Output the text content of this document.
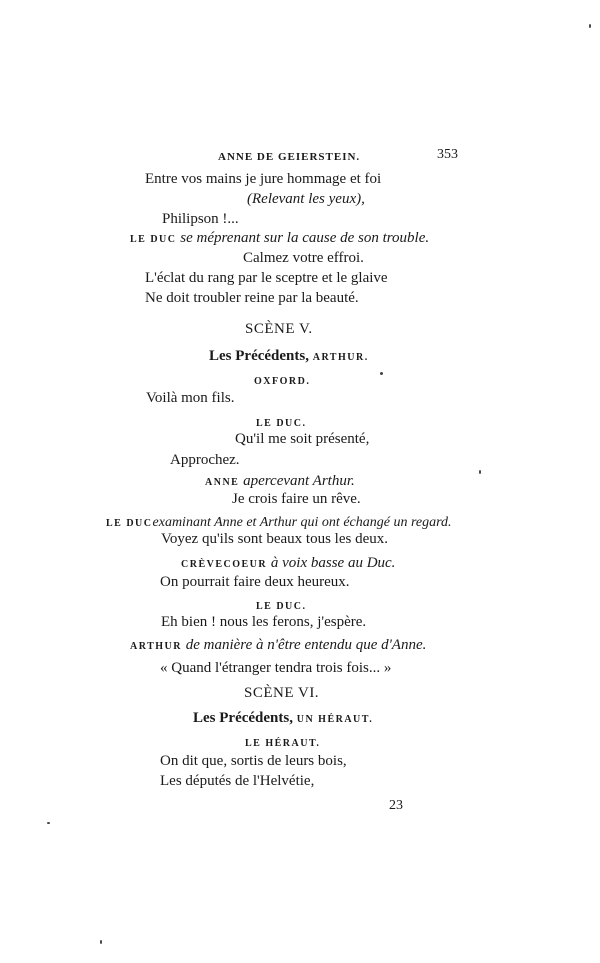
ANNE DE GEIERSTEIN.	353
Entre vos mains je jure hommage et foi
(Relevant les yeux),
Philipson !...
LE DUC se méprenant sur la cause de son trouble.
Calmez votre effroi.
L'éclat du rang par le sceptre et le glaive
Ne doit troubler reine par la beauté.
SCÈNE V.
Les Précédents, ARTHUR.
OXFORD.
Voilà mon fils.
LE DUC.
Qu'il me soit présenté,
Approchez.
ANNE apercevant Arthur.
Je crois faire un rêve.
LE DUCexaminant Anne et Arthur qui ont échangé un regard.
Voyez qu'ils sont beaux tous les deux.
CRÈVECOEUR à voix basse au Duc.
On pourrait faire deux heureux.
LE DUC.
Eh bien ! nous les ferons, j'espère.
ARTHUR de manière à n'être entendu que d'Anne.
« Quand l'étranger tendra trois fois... »
SCÈNE VI.
Les Précédents, UN HÉRAUT.
LE HÉRAUT.
On dit que, sortis de leurs bois,
Les députés de l'Helvétie,
23
